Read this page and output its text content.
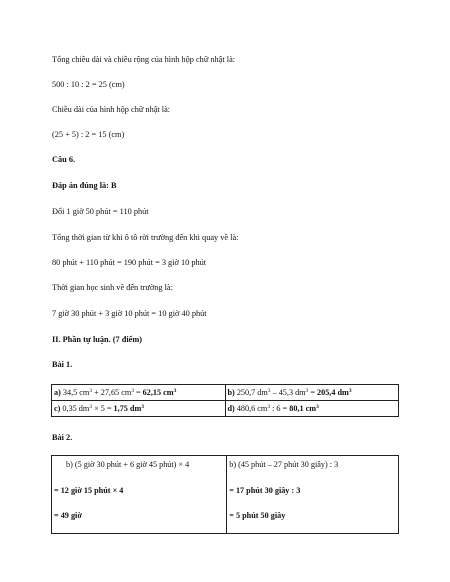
Tổng chiều dài và chiều rộng của hình hộp chữ nhật là:
500 : 10 : 2 = 25 (cm)
Chiều dài của hình hộp chữ nhật là:
(25 + 5) : 2 = 15 (cm)
Câu 6.
Đáp án đúng là: B
Đổi 1 giờ 50 phút = 110 phút
Tổng thời gian từ khi ô tô rời trường đến khi quay về là:
80 phút + 110 phút = 190 phút = 3 giờ 10 phút
Thời gian học sinh về đến trường là:
7 giờ 30 phút + 3 giờ 10 phút = 10 giờ 40 phút
II. Phần tự luận. (7 điểm)
Bài 1.
a) 34,5 $cm^3 + 27,65$ $cm^3 = 62,15$ $cm^3$	b) 250,7 $dm^3 - 45,3$ $dm^3 = 205,4$ $dm^3$
c) 0,35 $dm^3 \times 5 = 1,75$ $dm^3$	d) 480,6 $cm^3$ : 6 = 80,1 $cm^3$
Bài 2.
b) (5 giờ 30 phút + 6 giờ 45 phút) × 4
= 12 giờ 15 phút × 4
= 49 giờ

b) (45 phút – 27 phút 30 giây) : 3
= 17 phút 30 giây : 3
= 5 phút 50 giây
